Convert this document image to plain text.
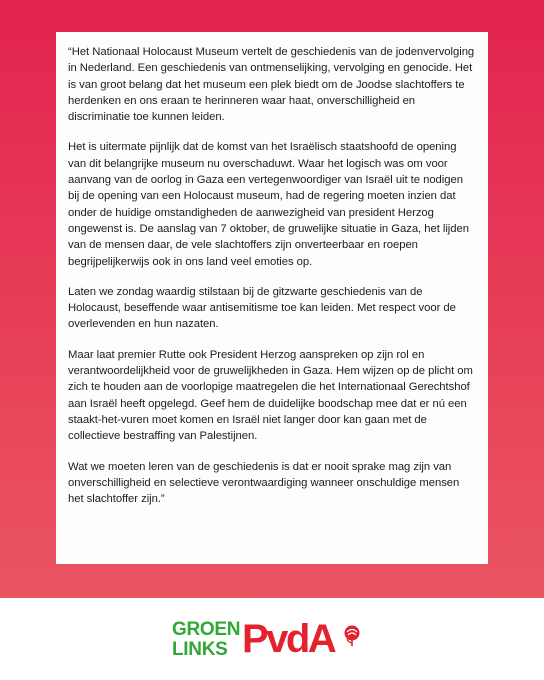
“Het Nationaal Holocaust Museum vertelt de geschiedenis van de jodenvervolging in Nederland. Een geschiedenis van ontmenselijking, vervolging en genocide. Het is van groot belang dat het museum een plek biedt om de Joodse slachtoffers te herdenken en ons eraan te herinneren waar haat, onverschilligheid en discriminatie toe kunnen leiden.

Het is uitermate pijnlijk dat de komst van het Israëlisch staatshoofd de opening van dit belangrijke museum nu overschaduwt. Waar het logisch was om voor aanvang van de oorlog in Gaza een vertegenwoordiger van Israël uit te nodigen bij de opening van een Holocaust museum, had de regering moeten inzien dat onder de huidige omstandigheden de aanwezigheid van president Herzog ongewenst is. De aanslag van 7 oktober, de gruwelijke situatie in Gaza, het lijden van de mensen daar, de vele slachtoffers zijn onverteerbaar en roepen begrijpelijkerwijs ook in ons land veel emoties op.

Laten we zondag waardig stilstaan bij de gitzwarte geschiedenis van de Holocaust, beseffende waar antisemitisme toe kan leiden. Met respect voor de overlevenden en hun nazaten.

Maar laat premier Rutte ook President Herzog aanspreken op zijn rol en verantwoordelijkheid voor de gruwelijkheden in Gaza. Hem wijzen op de plicht om zich te houden aan de voorlopige maatregelen die het Internationaal Gerechtshof aan Israël heeft opgelegd. Geef hem de duidelijke boodschap mee dat er nú een staakt-het-vuren moet komen en Israël niet langer door kan gaan met de collectieve bestraffing van Palestijnen.

Wat we moeten leren van de geschiedenis is dat er nooit sprake mag zijn van onverschilligheid en selectieve verontwaardiging wanneer onschuldige mensen het slachtoffer zijn.”

GROEN
LINKS PvdA
